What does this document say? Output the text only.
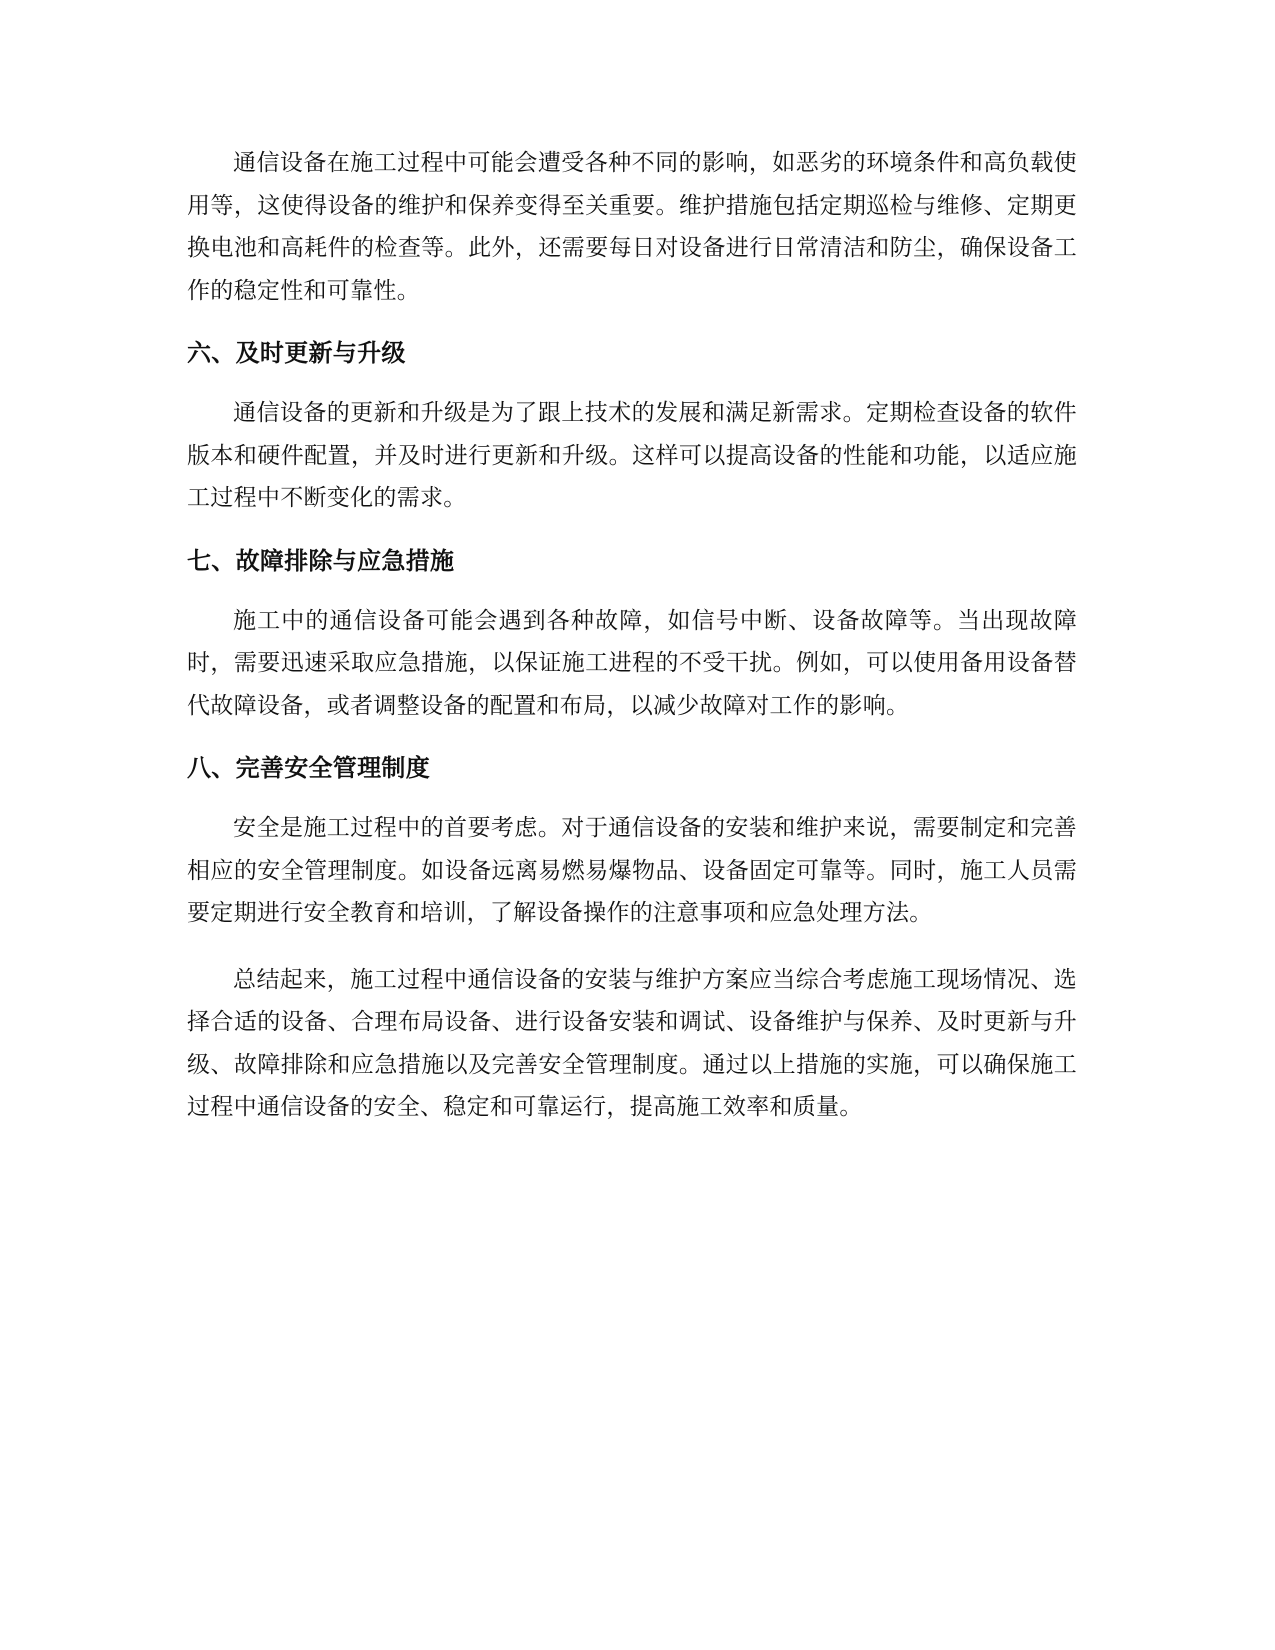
通信设备在施工过程中可能会遭受各种不同的影响，如恶劣的环境条件和高负载使用等，这使得设备的维护和保养变得至关重要。维护措施包括定期巡检与维修、定期更换电池和高耗件的检查等。此外，还需要每日对设备进行日常清洁和防尘，确保设备工作的稳定性和可靠性。

六、及时更新与升级

通信设备的更新和升级是为了跟上技术的发展和满足新需求。定期检查设备的软件版本和硬件配置，并及时进行更新和升级。这样可以提高设备的性能和功能，以适应施工过程中不断变化的需求。

七、故障排除与应急措施

施工中的通信设备可能会遇到各种故障，如信号中断、设备故障等。当出现故障时，需要迅速采取应急措施，以保证施工进程的不受干扰。例如，可以使用备用设备替代故障设备，或者调整设备的配置和布局，以减少故障对工作的影响。

八、完善安全管理制度

安全是施工过程中的首要考虑。对于通信设备的安装和维护来说，需要制定和完善相应的安全管理制度。如设备远离易燃易爆物品、设备固定可靠等。同时，施工人员需要定期进行安全教育和培训，了解设备操作的注意事项和应急处理方法。

总结起来，施工过程中通信设备的安装与维护方案应当综合考虑施工现场情况、选择合适的设备、合理布局设备、进行设备安装和调试、设备维护与保养、及时更新与升级、故障排除和应急措施以及完善安全管理制度。通过以上措施的实施，可以确保施工过程中通信设备的安全、稳定和可靠运行，提高施工效率和质量。
